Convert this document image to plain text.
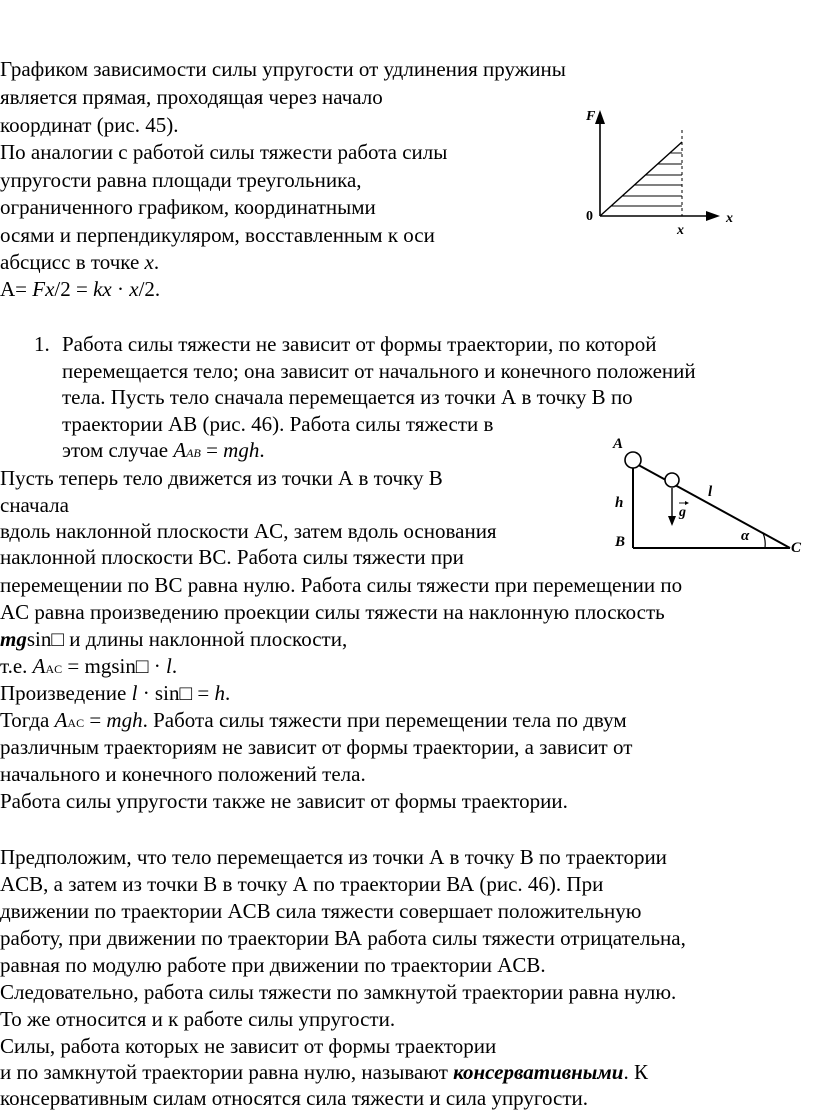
Графиком зависимости силы упругости от удлинения пружины
является прямая, проходящая через начало
координат (рис. 45).
По аналогии с работой силы тяжести работа силы
упругости равна площади треугольника,
ограниченного графиком, координатными
осями и перпендикуляром, восставленным к оси
абсцисс в точке x.
A= Fx/2 = kx · x/2.
F
0	x
x
1. Работа силы тяжести не зависит от формы траектории, по которой
перемещается тело; она зависит от начального и конечного положений
тела. Пусть тело сначала перемещается из точки А в точку В по
траектории AB (рис. 46). Работа силы тяжести в
этом случае AAB = mgh.	A
h
l
g
B	α
C
Пусть теперь тело движется из точки А в точку В
сначала
вдоль наклонной плоскости AC, затем вдоль основания
наклонной плоскости BC. Работа силы тяжести при
перемещении по BC равна нулю. Работа силы тяжести при перемещении по
AC равна произведению проекции силы тяжести на наклонную плоскость
mgsin□ и длины наклонной плоскости,
т.е. AAC = mgsin□ · l.
Произведение l · sin□ = h.
Тогда AAC = mgh. Работа силы тяжести при перемещении тела по двум
различным траекториям не зависит от формы траектории, а зависит от
начального и конечного положений тела.
Работа силы упругости также не зависит от формы траектории.
Предположим, что тело перемещается из точки А в точку В по траектории
ACB, а затем из точки В в точку А по траектории ВА (рис. 46). При
движении по траектории ACB сила тяжести совершает положительную
работу, при движении по траектории ВА работа силы тяжести отрицательна,
равная по модулю работе при движении по траектории ACB.
Следовательно, работа силы тяжести по замкнутой траектории равна нулю.
То же относится и к работе силы упругости.
Силы, работа которых не зависит от формы траектории
и по замкнутой траектории равна нулю, называют консервативными. К
консервативным силам относятся сила тяжести и сила упругости.
